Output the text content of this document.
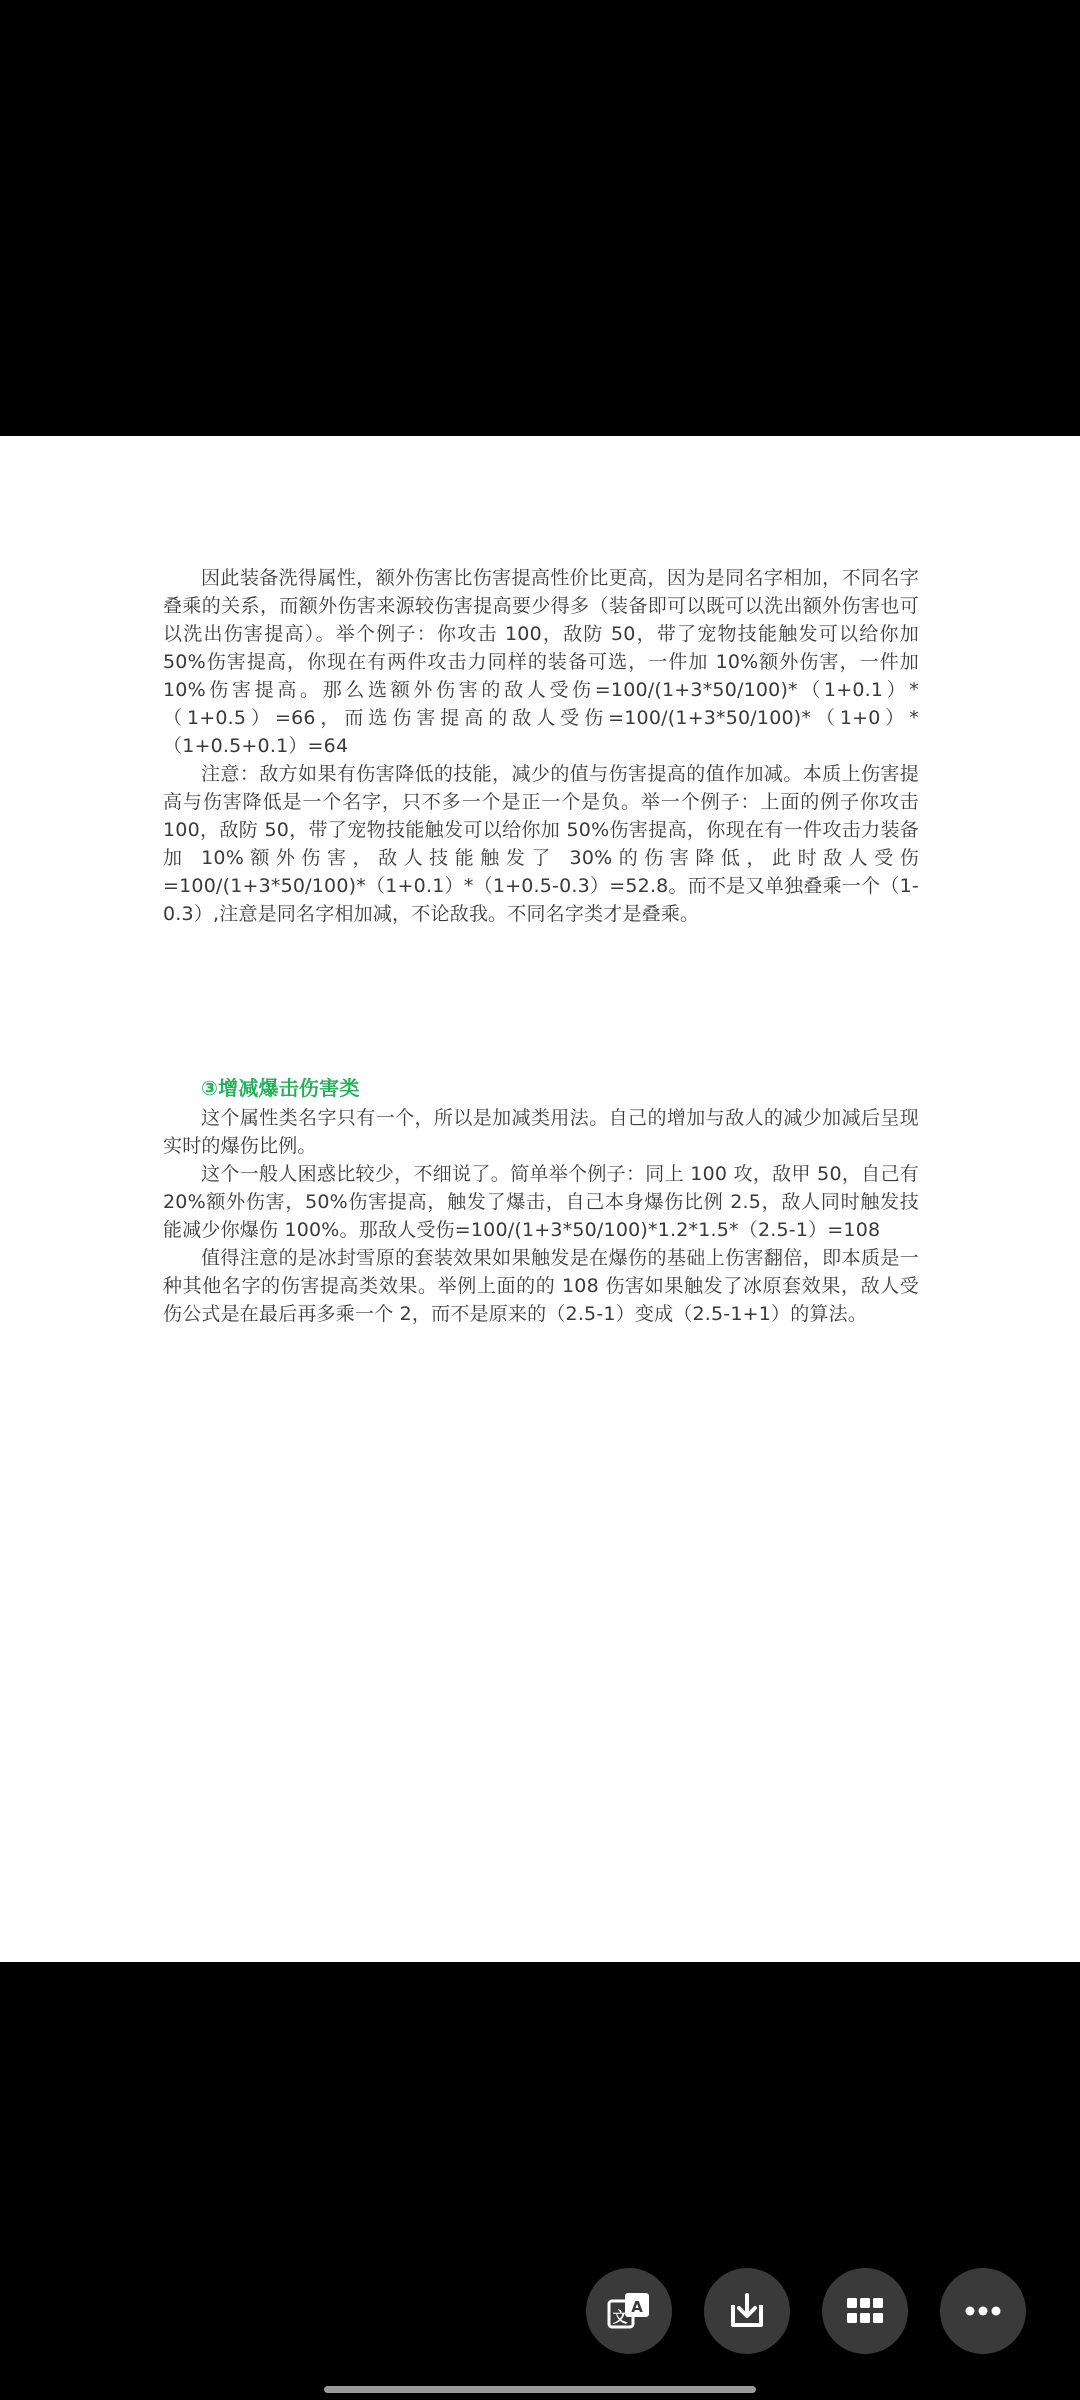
因此装备洗得属性，额外伤害比伤害提高性价比更高，因为是同名字相加，不同名字叠乘的关系，而额外伤害来源较伤害提高要少得多（装备即可以既可以洗出额外伤害也可以洗出伤害提高）。举个例子：你攻击 100，敌防 50，带了宠物技能触发可以给你加 50%伤害提高，你现在有两件攻击力同样的装备可选，一件加 10%额外伤害，一件加 10%伤害提高。那么选额外伤害的敌人受伤=100/(1+3*50/100)*（1+0.1）*（1+0.5）=66，而选伤害提高的敌人受伤=100/(1+3*50/100)*（1+0）*（1+0.5+0.1）=64

注意：敌方如果有伤害降低的技能，减少的值与伤害提高的值作加减。本质上伤害提高与伤害降低是一个名字，只不多一个是正一个是负。举一个例子：上面的例子你攻击 100，敌防 50，带了宠物技能触发可以给你加 50%伤害提高，你现在有一件攻击力装备加 10%额外伤害，敌人技能触发了 30%的伤害降低，此时敌人受伤=100/(1+3*50/100)*（1+0.1）*（1+0.5-0.3）=52.8。而不是又单独叠乘一个（1-0.3）,注意是同名字相加减，不论敌我。不同名字类才是叠乘。

③增减爆击伤害类

这个属性类名字只有一个，所以是加减类用法。自己的增加与敌人的减少加减后呈现实时的爆伤比例。

这个一般人困惑比较少，不细说了。简单举个例子：同上 100 攻，敌甲 50，自己有 20%额外伤害，50%伤害提高，触发了爆击，自己本身爆伤比例 2.5，敌人同时触发技能减少你爆伤 100%。那敌人受伤=100/(1+3*50/100)*1.2*1.5*（2.5-1）=108

值得注意的是冰封雪原的套装效果如果触发是在爆伤的基础上伤害翻倍，即本质是一种其他名字的伤害提高类效果。举例上面的的 108 伤害如果触发了冰原套效果，敌人受伤公式是在最后再多乘一个 2，而不是原来的（2.5-1）变成（2.5-1+1）的算法。

A
文
